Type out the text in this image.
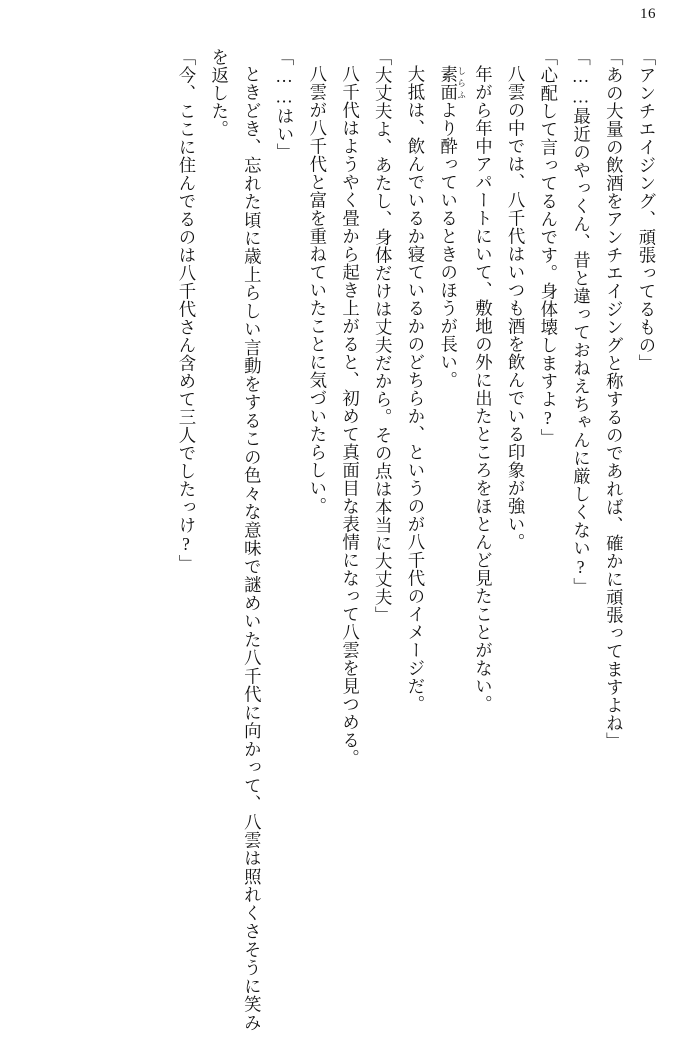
16

「アンチエイジング、頑張ってるもの」

「あの大量の飲酒をアンチエイジングと称するのであれば、確かに頑張ってますよね」

「……最近のやっくん、昔と違っておねえちゃんに厳しくない?」

「心配して言ってるんです。身体壊しますよ?」

八雲の中では、八千代はいつも酒を飲んでいる印象が強い。

年がら年中アパートにいて、敷地の外に出たところをほとんど見たことがない。

素面 しらふより酔っているときのほうが長い。

大抵は、飲んでいるか寝ているかのどちらか、というのが八千代のイメージだ。

「大丈夫よ、あたし、身体だけは丈夫だから。その点は本当に大丈夫」

八千代はようやく畳から起き上がると、初めて真面目な表情になって八雲を見つめる。

八雲が八千代と富を重ねていたことに気づいたらしい。

「……はい」

ときどき、忘れた頃に歳上らしい言動をするこの色々な意味で謎めいた八千代に向かって、八雲は照れくさそうに笑みを返した。

「今、ここに住んでるのは八千代さん含めて三人でしたっけ?」
